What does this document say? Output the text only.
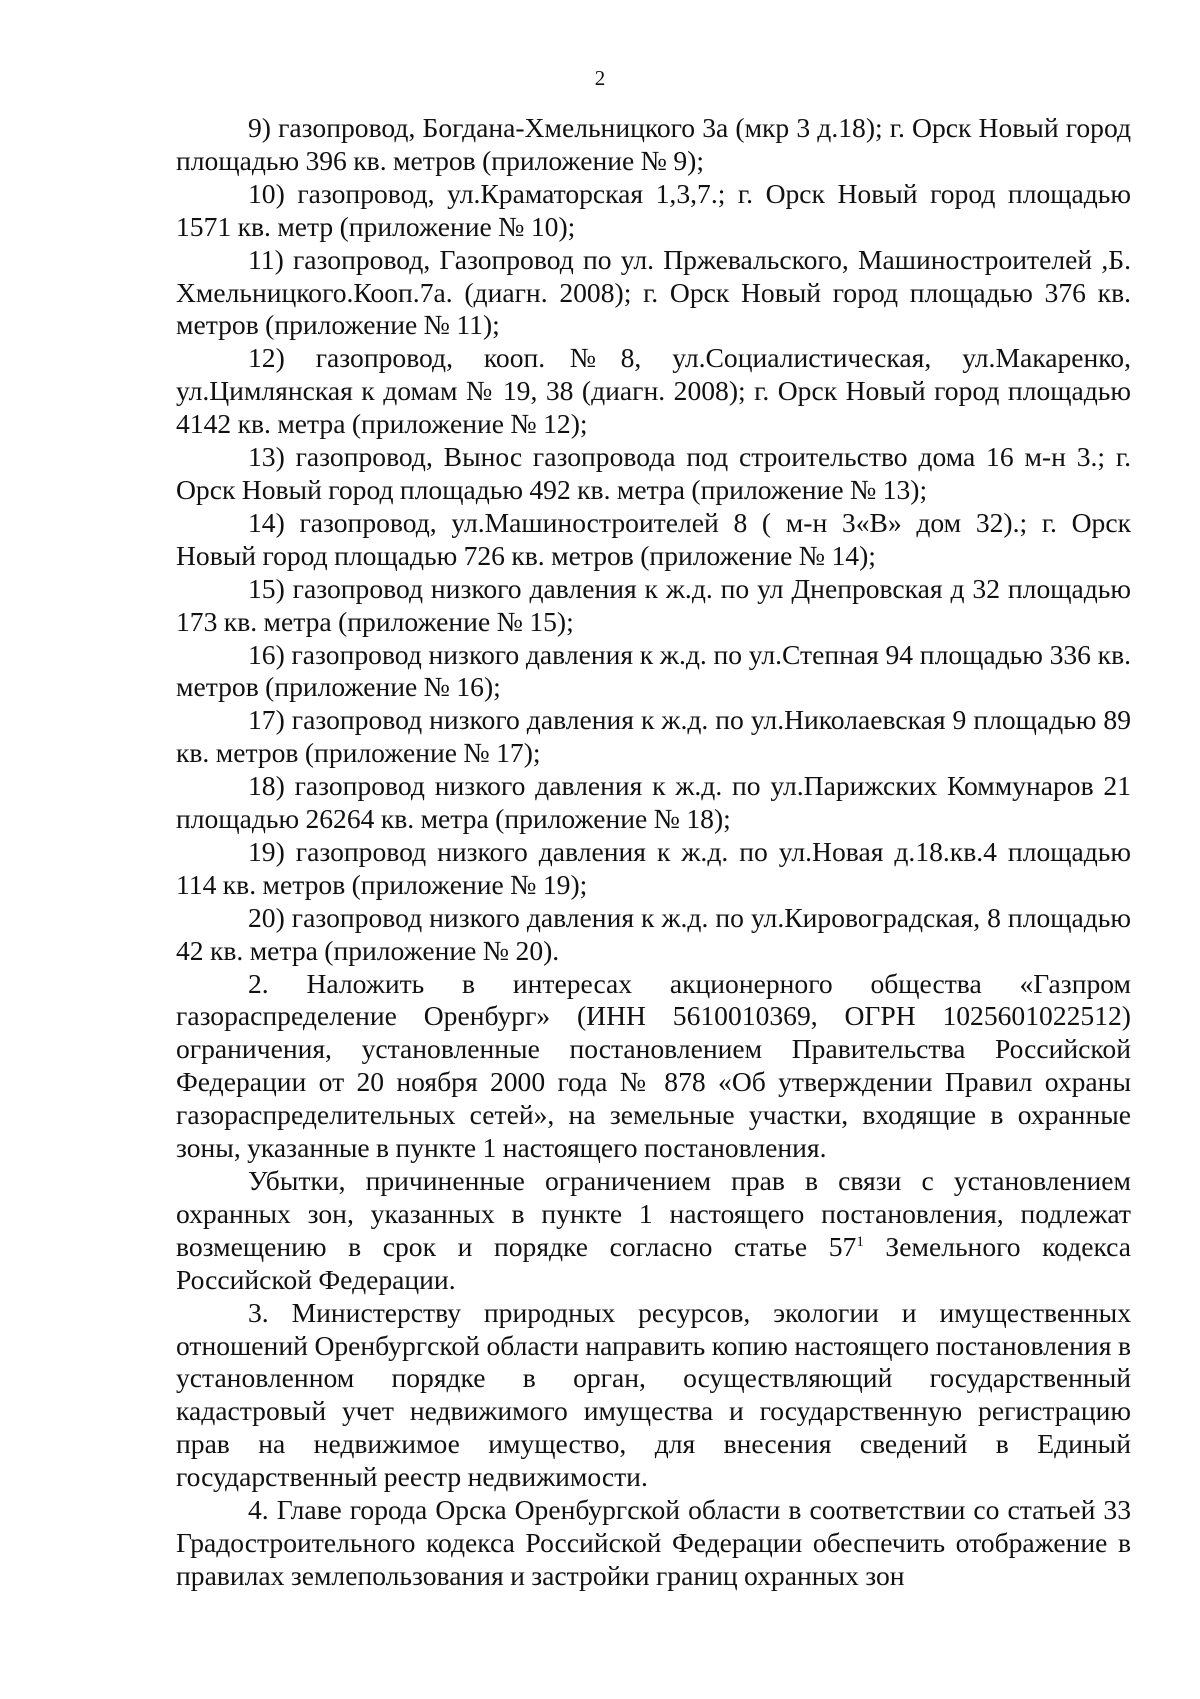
2

9) газопровод, Богдана-Хмельницкого 3а (мкр 3 д.18); г. Орск Новый город площадью 396 кв. метров (приложение № 9);

10) газопровод, ул.Краматорская 1,3,7.; г. Орск Новый город площадью 1571 кв. метр (приложение № 10);

11) газопровод, Газопровод по ул. Пржевальского, Машиностроителей ,Б. Хмельницкого.Кооп.7а. (диагн. 2008); г. Орск Новый город площадью 376 кв. метров (приложение № 11);

12) газопровод, кооп.№8, ул.Социалистическая, ул.Макаренко, ул.Цимлянская к домам № 19, 38 (диагн. 2008); г. Орск Новый город площадью 4142 кв. метра (приложение № 12);

13) газопровод, Вынос газопровода под строительство дома 16 м-н 3.; г. Орск Новый город площадью 492 кв. метра (приложение № 13);

14) газопровод, ул.Машиностроителей 8 ( м-н 3«В» дом 32).; г. Орск Новый город площадью 726 кв. метров (приложение № 14);

15) газопровод низкого давления к ж.д. по ул Днепровская д 32 площадью 173 кв. метра (приложение № 15);

16) газопровод низкого давления к ж.д. по ул.Степная 94 площадью 336 кв. метров (приложение № 16);

17) газопровод низкого давления к ж.д. по ул.Николаевская 9 площадью 89 кв. метров (приложение № 17);

18) газопровод низкого давления к ж.д. по ул.Парижских Коммунаров 21 площадью 26264 кв. метра (приложение № 18);

19) газопровод низкого давления к ж.д. по ул.Новая д.18.кв.4 площадью 114 кв. метров (приложение № 19);

20) газопровод низкого давления к ж.д. по ул.Кировоградская, 8 площадью 42 кв. метра (приложение № 20).

2. Наложить в интересах акционерного общества «Газпром газораспределение Оренбург» (ИНН 5610010369, ОГРН 1025601022512) ограничения, установленные постановлением Правительства Российской Федерации от 20 ноября 2000 года № 878 «Об утверждении Правил охраны газораспределительных сетей», на земельные участки, входящие в охранные зоны, указанные в пункте 1 настоящего постановления.

Убытки, причиненные ограничением прав в связи с установлением охранных зон, указанных в пункте 1 настоящего постановления, подлежат возмещению в срок и порядке согласно статье $57^1$ Земельного кодекса Российской Федерации.

3. Министерству природных ресурсов, экологии и имущественных отношений Оренбургской области направить копию настоящего постановления в установленном порядке в орган, осуществляющий государственный кадастровый учет недвижимого имущества и государственную регистрацию прав на недвижимое имущество, для внесения сведений в Единый государственный реестр недвижимости.

4. Главе города Орска Оренбургской области в соответствии со статьей 33 Градостроительного кодекса Российской Федерации обеспечить отображение в правилах землепользования и застройки границ охранных зон
